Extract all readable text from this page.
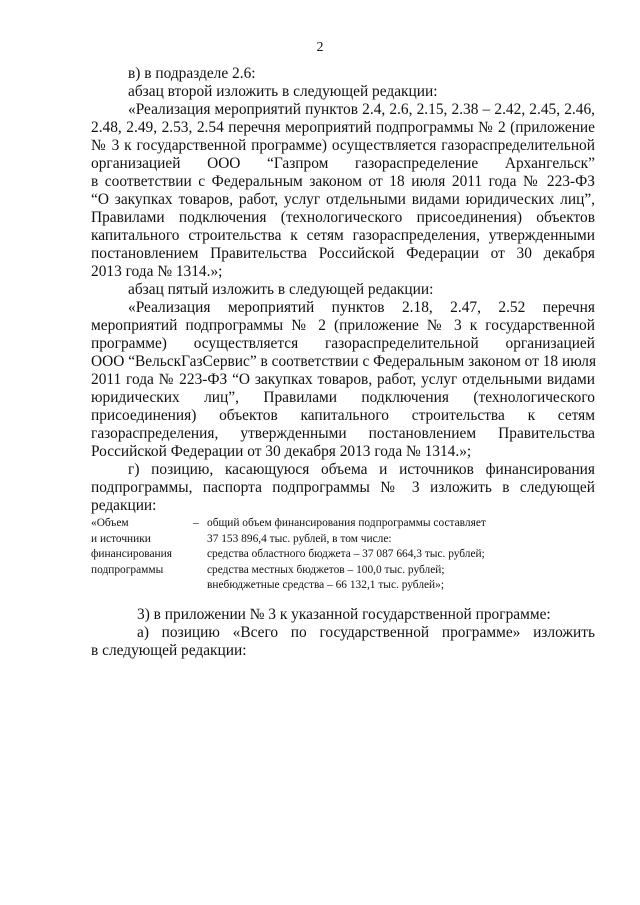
2
в) в подразделе 2.6:
абзац второй изложить в следующей редакции:
«Реализация мероприятий пунктов 2.4, 2.6, 2.15, 2.38 – 2.42, 2.45, 2.46,
2.48, 2.49, 2.53, 2.54 перечня мероприятий подпрограммы № 2 (приложение
№ 3 к государственной программе) осуществляется газораспределительной
организацией ООО “Газпром газораспределение Архангельск”
в соответствии с Федеральным законом от 18 июля 2011 года № 223-ФЗ
“О закупках товаров, работ, услуг отдельными видами юридических лиц”,
Правилами подключения (технологического присоединения) объектов
капитального строительства к сетям газораспределения, утвержденными
постановлением Правительства Российской Федерации от 30 декабря
2013 года № 1314.»;
абзац пятый изложить в следующей редакции:
«Реализация мероприятий пунктов 2.18, 2.47, 2.52 перечня
мероприятий подпрограммы № 2 (приложение № 3 к государственной
программе) осуществляется газораспределительной организацией
ООО “ВельскГазСервис” в соответствии с Федеральным законом от 18 июля
2011 года № 223-ФЗ “О закупках товаров, работ, услуг отдельными видами
юридических лиц”, Правилами подключения (технологического
присоединения) объектов капитального строительства к сетям
газораспределения, утвержденными постановлением Правительства
Российской Федерации от 30 декабря 2013 года № 1314.»;
г) позицию, касающуюся объема и источников финансирования
подпрограммы, паспорта подпрограммы № 3 изложить в следующей
редакции:
3) в приложении № 3 к указанной государственной программе:
а) позицию «Всего по государственной программе» изложить
в следующей редакции:
«Объем
и источники
финансирования
подпрограммы
– общий объем финансирования подпрограммы составляет
37 153 896,4 тыс. рублей, в том числе:
средства областного бюджета – 37 087 664,3 тыс. рублей;
средства местных бюджетов – 100,0 тыс. рублей;
внебюджетные средства – 66 132,1 тыс. рублей»;
